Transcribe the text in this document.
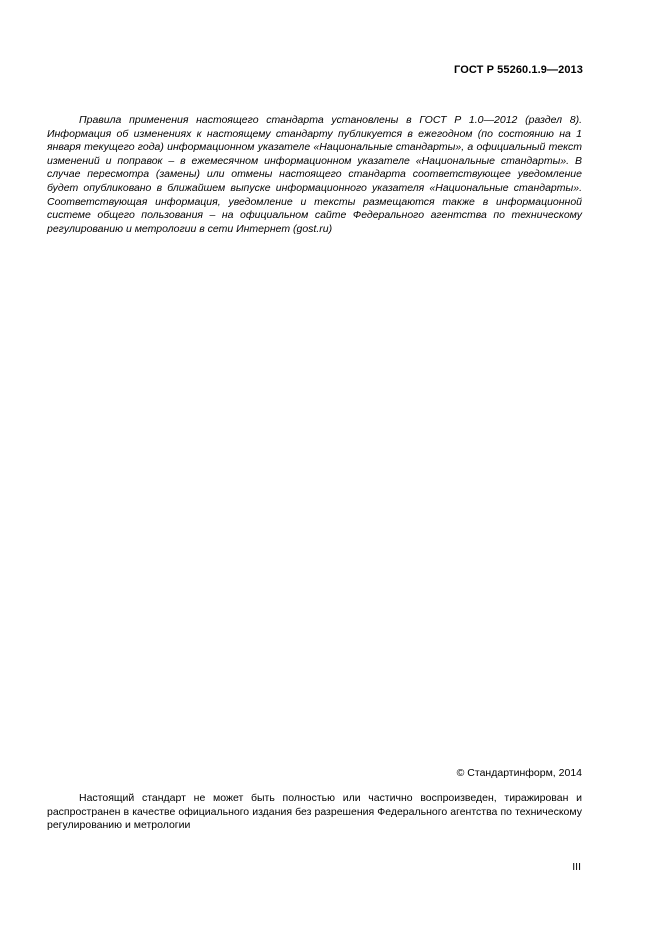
ГОСТ Р 55260.1.9—2013

Правила применения настоящего стандарта установлены в ГОСТ Р 1.0—2012 (раздел 8). Информация об изменениях к настоящему стандарту публикуется в ежегодном (по состоянию на 1 января текущего года) информационном указателе «Национальные стандарты», а официальный текст изменений и поправок – в ежемесячном информационном указателе «Национальные стандарты». В случае пересмотра (замены) или отмены настоящего стандарта соответствующее уведомление будет опубликовано в ближайшем выпуске информационного указателя «Национальные стандарты». Соответствующая информация, уведомление и тексты размещаются также в информационной системе общего пользования – на официальном сайте Федерального агентства по техническому регулированию и метрологии в сети Интернет (gost.ru)

© Стандартинформ, 2014

Настоящий стандарт не может быть полностью или частично воспроизведен, тиражирован и распространен в качестве официального издания без разрешения Федерального агентства по техническому регулированию и метрологии

III
